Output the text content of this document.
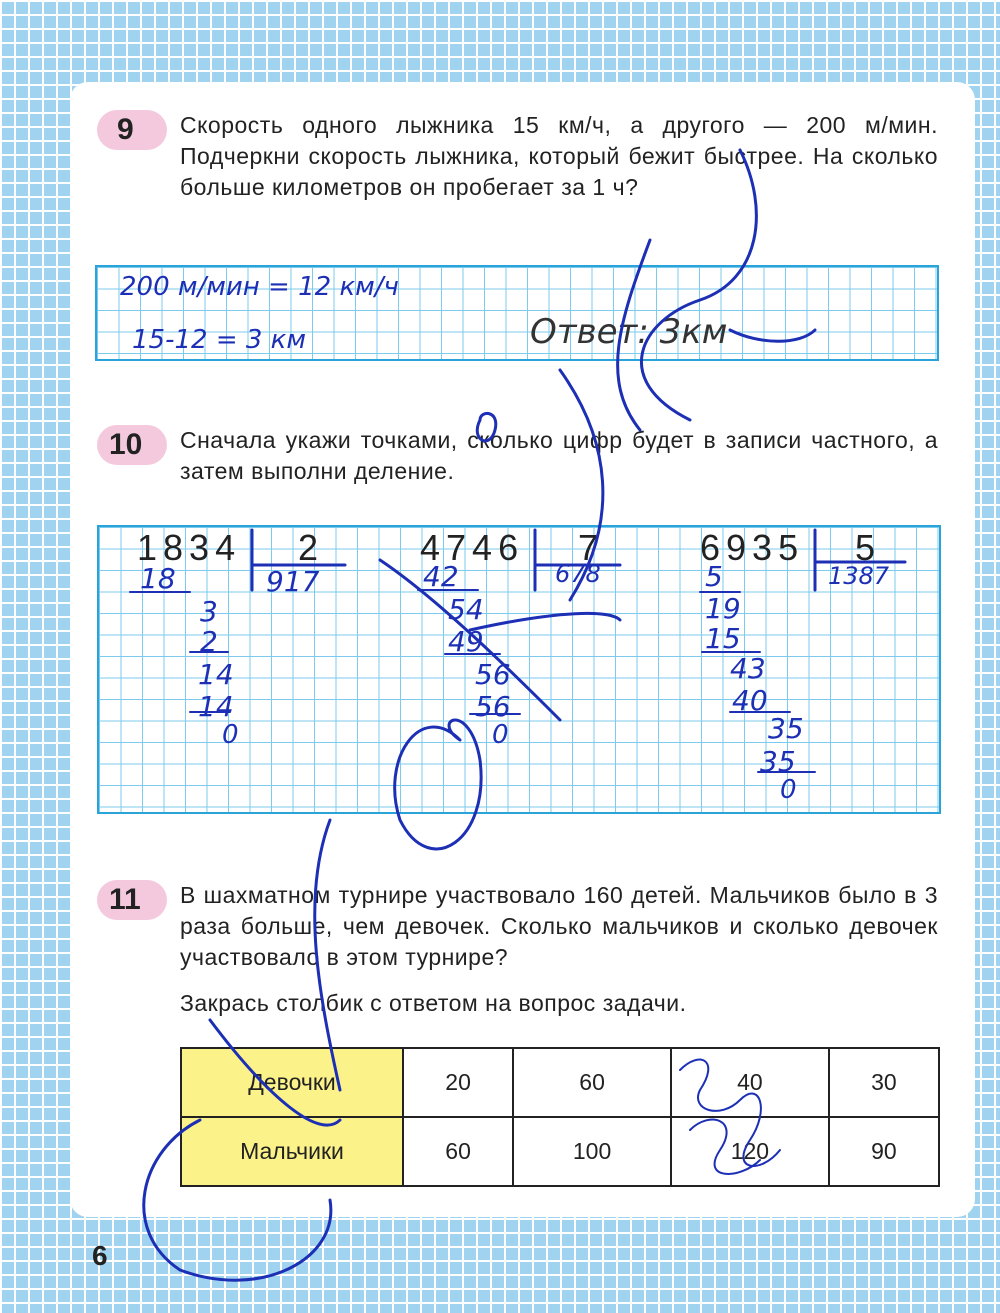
9	Скорость одного лыжника 15 км/ч, а другого — 200 м/мин. Подчеркни скорость лыжника, который бежит быстрее. На сколько больше километров он пробегает за 1 ч?
200 м/мин = 12 км/ч
15-12 = 3 км	Ответ: 3км
10	Сначала укажи точками, сколько цифр будет в записи частного, а затем выполни деление.
1834 2
917
18
3
2
14
14
0
4746 7
678
42
54
49
56
56
0
6935 5
1387
5
19
15
43
40
35
35
0
11	В шахматном турнире участвовало 160 детей. Мальчиков было в 3 раза больше, чем девочек. Сколько мальчиков и сколько девочек участвовало в этом турнире?
Закрась столбик с ответом на вопрос задачи.
Девочки	20	60	40	30
Мальчики	60	100	120	90
6
